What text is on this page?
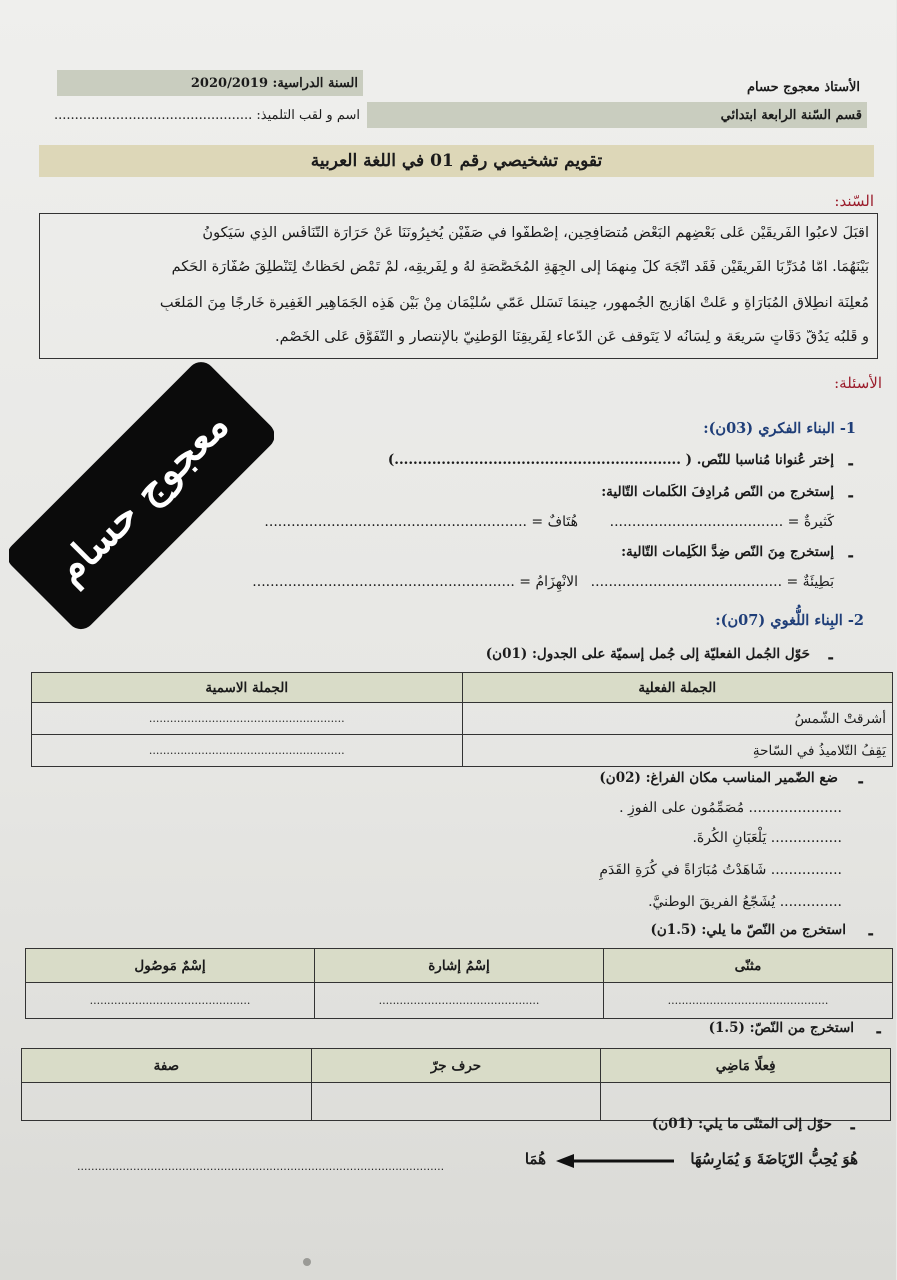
السنة الدراسية: 2020/2019	الأستاذ معجوج حسام
اسم و لقب التلميذ: ................................................	قسم السّنة الرابعة ابتدائي
تقويم تشخيصي رقم 01 في اللغة العربية
السّند:

أقبَلَ لاعبُوا الفَريقَيْنِ عَلى بَعْضِهِم البَعْض مُتصَافِحِين، إصْطَفُّوا في صَفَّيْنِ يُخبِرُونَنَا عَنْ حَرَارَة التَّنَافُسِ الَّذِي سَيَكُونُ

بَيْنَهُمَا. أَمَّا مُدَرِّبَا الفَرِيقَيْنِ فَقَد اتَّجَهَ كُلٌّ مِنهمَا إلى الجِهَةِ المُخَصَّصَةِ لَهُ و لِفَرِيقِه، لَمْ تَمْضِ لَحَظَاتٌ لِتَنْطَلِقَ صُفَّارَة الحَكَم

مُعلِنَة انطِلاق المُبَارَاةِ و عَلتْ أَهَازِيجِ الجُمهور، حِينمَا تَسَلّل عَمّي سُلَيْمَان مِنْ بَيْنِ هَذِه الجَمَاهِير الغَفِيرة خَارجًا مِنَ المَلْعَبِ

و قَلْبُه يَدُقّ دَقّاتٍ سَريعَة و لِسَانُه لاَ يَتَوقف عَنِ الدُّعاء لِفَريقِنَا الوَطَنِيّ بالإنتصار و التَّفَوُّق عَلى الخَصْمِ.

الأسئلة:
1- البناء الفكري (03ن):
-
إختر عُنوانا مُناسبا للنّص. ( .............................................................)
-
إستخرج من النّص مُرادِفَ الكَلمات التّالية:
كَثيرةٌ = .......................................
هُتَافٌ = ...........................................................
-
إستخرج مِنَ النّص ضِدَّ الكَلِمات التّالية:
بَطِيئَةٌ = ...........................................
الانْهِزَامُ = ...........................................................
2- البِناء اللُّغوي (07ن):
-
حَوّل الجُمل الفعليّة إلى جُمل إسميّة على الجدول: (01ن)
الجملة الفعلية	الجملة الاسمية
أشرقتْ الشّمسُ	........................................................
يَقِفُ التّلاميذُ في السّاحةِ	........................................................
-
ضع الضّمير المناسب مكان الفراغ: (02ن)
..................... مُصَمِّمُون على الفوزِ .
................ يَلْعَبَانِ الكُرةَ.
................ شَاهَدْتُ مُبَارَاةً في كُرَةِ القَدَمِ
.............. يُشَجّعُ الفريقَ الوطنيَّ.
-
استخرج من النّصّ ما يلي: (1.5ن)
مثنّى	إسْمُ إشارة	إسْمٌ مَوصُول
..............................................	..............................................	..............................................
-
استخرج من النّصّ: (1.5)
فِعلًا مَاضِي	حرف جرّ	صفة

-
حوّل إلى المثنّى ما يلي: (01ن)
هُوَ يُحِبُّ الرّيَاضَةَ وَ يُمَارِسُهَا
هُمَا
.........................................................................................................
معجوج حسام
